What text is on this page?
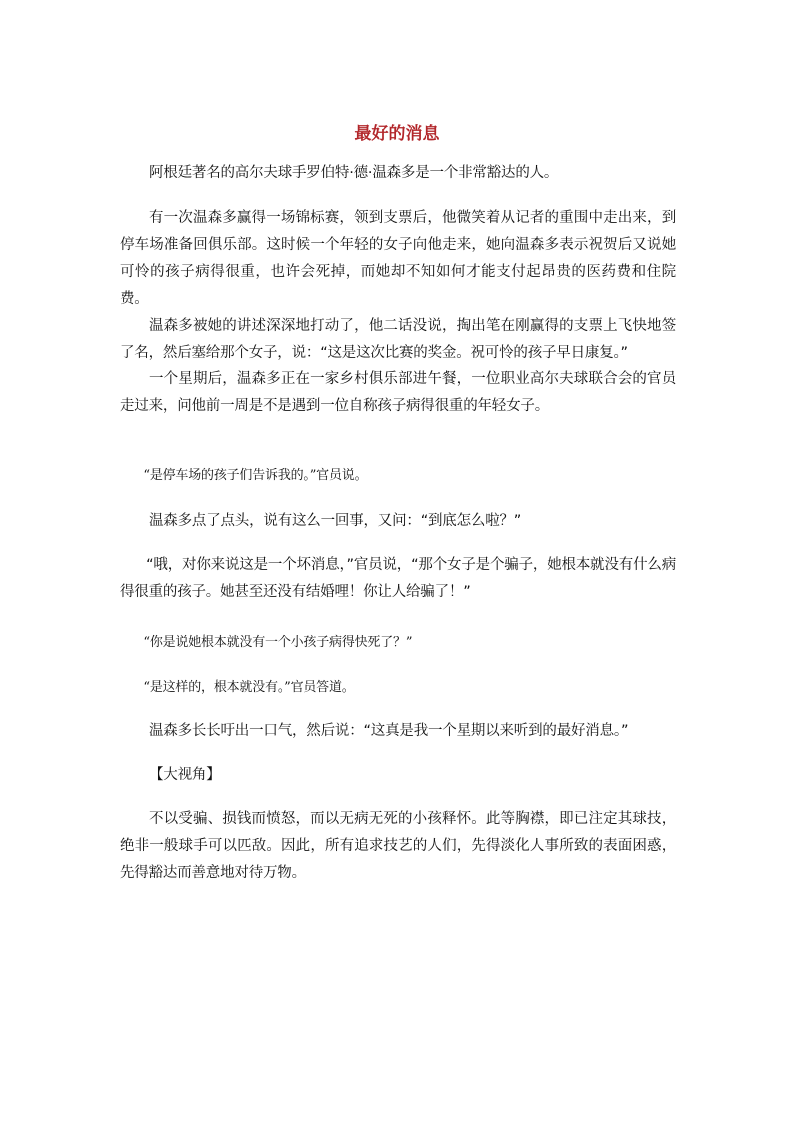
最好的消息

阿根廷著名的高尔夫球手罗伯特·德·温森多是一个非常豁达的人。

有一次温森多赢得一场锦标赛，领到支票后，他微笑着从记者的重围中走出来，到停车场准备回俱乐部。这时候一个年轻的女子向他走来，她向温森多表示祝贺后又说她可怜的孩子病得很重，也许会死掉，而她却不知如何才能支付起昂贵的医药费和住院费。

温森多被她的讲述深深地打动了，他二话没说，掏出笔在刚赢得的支票上飞快地签了名，然后塞给那个女子，说：“这是这次比赛的奖金。祝可怜的孩子早日康复。”

一个星期后，温森多正在一家乡村俱乐部进午餐，一位职业高尔夫球联合会的官员走过来，问他前一周是不是遇到一位自称孩子病得很重的年轻女子。

“是停车场的孩子们告诉我的。”官员说。

温森多点了点头，说有这么一回事，又问：“到底怎么啦？”

“哦，对你来说这是一个坏消息，”官员说，“那个女子是个骗子，她根本就没有什么病得很重的孩子。她甚至还没有结婚哩！你让人给骗了！”

“你是说她根本就没有一个小孩子病得快死了？”

“是这样的，根本就没有。”官员答道。

温森多长长吁出一口气，然后说：“这真是我一个星期以来听到的最好消息。”

【大视角】

不以受骗、损钱而愤怒，而以无病无死的小孩释怀。此等胸襟，即已注定其球技，绝非一般球手可以匹敌。因此，所有追求技艺的人们，先得淡化人事所致的表面困惑，先得豁达而善意地对待万物。
